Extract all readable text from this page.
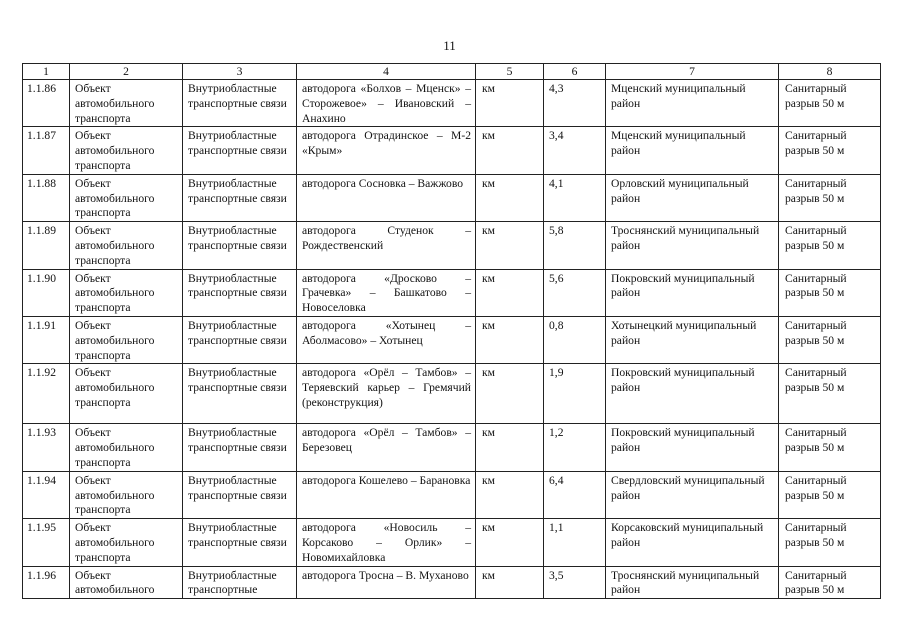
11
1	2	3	4	5	6	7	8
1.1.86	Объект автомобильного транспорта	Внутриобластные транспортные связи	автодорога «Болхов – Мценск» – Сторожевое» – Ивановский – Анахино	км	4,3	Мценский муниципальный район	Санитарный разрыв 50 м
1.1.87	Объект автомобильного транспорта	Внутриобластные транспортные связи	автодорога Отрадинское – М-2 «Крым»	км	3,4	Мценский муниципальный район	Санитарный разрыв 50 м
1.1.88	Объект автомобильного транспорта	Внутриобластные транспортные связи	автодорога Сосновка – Важжово	км	4,1	Орловский муниципальный район	Санитарный разрыв 50 м
1.1.89	Объект автомобильного транспорта	Внутриобластные транспортные связи	автодорога Студенок – Рождественский	км	5,8	Троснянский муниципальный район	Санитарный разрыв 50 м
1.1.90	Объект автомобильного транспорта	Внутриобластные транспортные связи	автодорога «Дросково – Грачевка» – Башкатово – Новоселовка	км	5,6	Покровский муниципальный район	Санитарный разрыв 50 м
1.1.91	Объект автомобильного транспорта	Внутриобластные транспортные связи	автодорога «Хотынец – Аболмасово» – Хотынец	км	0,8	Хотынецкий муниципальный район	Санитарный разрыв 50 м
1.1.92	Объект автомобильного транспорта	Внутриобластные транспортные связи	автодорога «Орёл – Тамбов» – Теряевский карьер – Гремячий (реконструкция)	км	1,9	Покровский муниципальный район	Санитарный разрыв 50 м
1.1.93	Объект автомобильного транспорта	Внутриобластные транспортные связи	автодорога «Орёл – Тамбов» – Березовец	км	1,2	Покровский муниципальный район	Санитарный разрыв 50 м
1.1.94	Объект автомобильного транспорта	Внутриобластные транспортные связи	автодорога Кошелево – Барановка	км	6,4	Свердловский муниципальный район	Санитарный разрыв 50 м
1.1.95	Объект автомобильного транспорта	Внутриобластные транспортные связи	автодорога «Новосиль – Корсаково – Орлик» – Новомихайловка	км	1,1	Корсаковский муниципальный район	Санитарный разрыв 50 м
1.1.96	Объект автомобильного	Внутриобластные транспортные	автодорога Тросна – В. Муханово	км	3,5	Троснянский муниципальный район	Санитарный разрыв 50 м
